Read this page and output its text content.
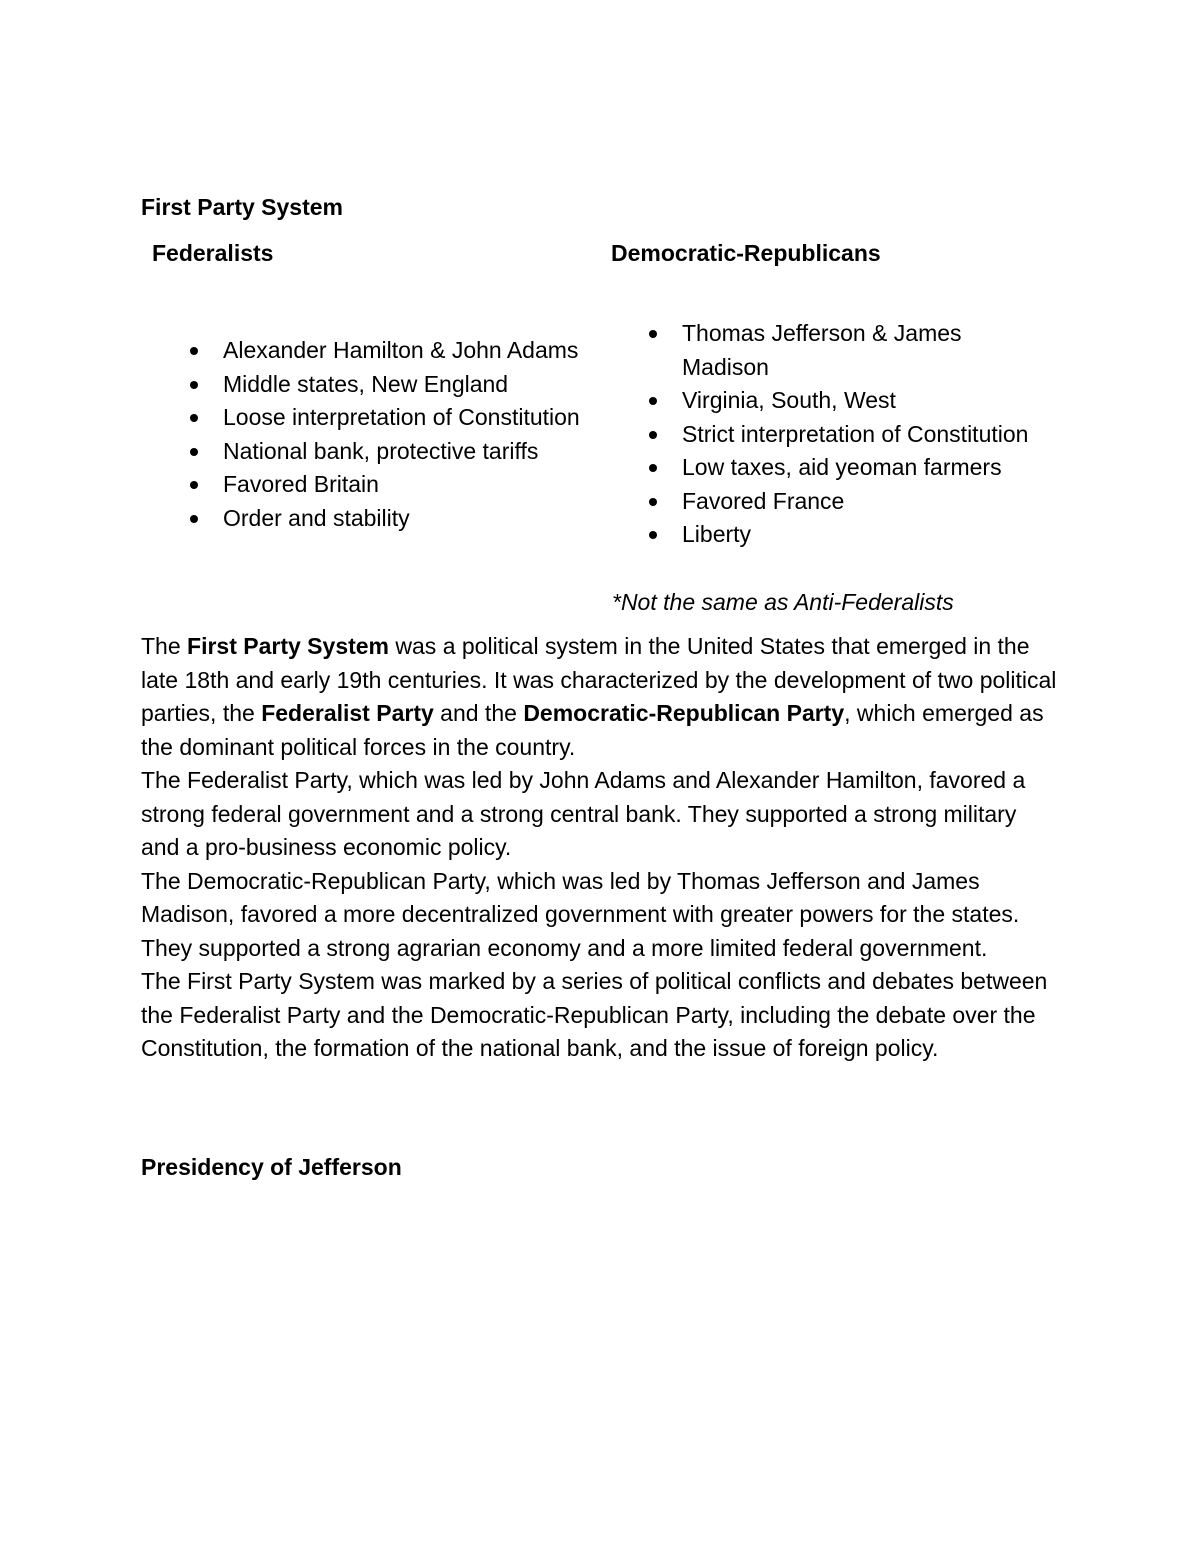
First Party System
Federalists	Democratic-Republicans
Alexander Hamilton & John Adams
Middle states, New England
Loose interpretation of Constitution
National bank, protective tariffs
Favored Britain
Order and stability
Thomas Jefferson & James Madison
Virginia, South, West
Strict interpretation of Constitution
Low taxes, aid yeoman farmers
Favored France
Liberty
*Not the same as Anti-Federalists

The First Party System was a political system in the United States that emerged in the late 18th and early 19th centuries. It was characterized by the development of two political parties, the Federalist Party and the Democratic-Republican Party, which emerged as the dominant political forces in the country.

The Federalist Party, which was led by John Adams and Alexander Hamilton, favored a strong federal government and a strong central bank. They supported a strong military and a pro-business economic policy.

The Democratic-Republican Party, which was led by Thomas Jefferson and James Madison, favored a more decentralized government with greater powers for the states. They supported a strong agrarian economy and a more limited federal government.

The First Party System was marked by a series of political conflicts and debates between the Federalist Party and the Democratic-Republican Party, including the debate over the Constitution, the formation of the national bank, and the issue of foreign policy.

Presidency of Jefferson
